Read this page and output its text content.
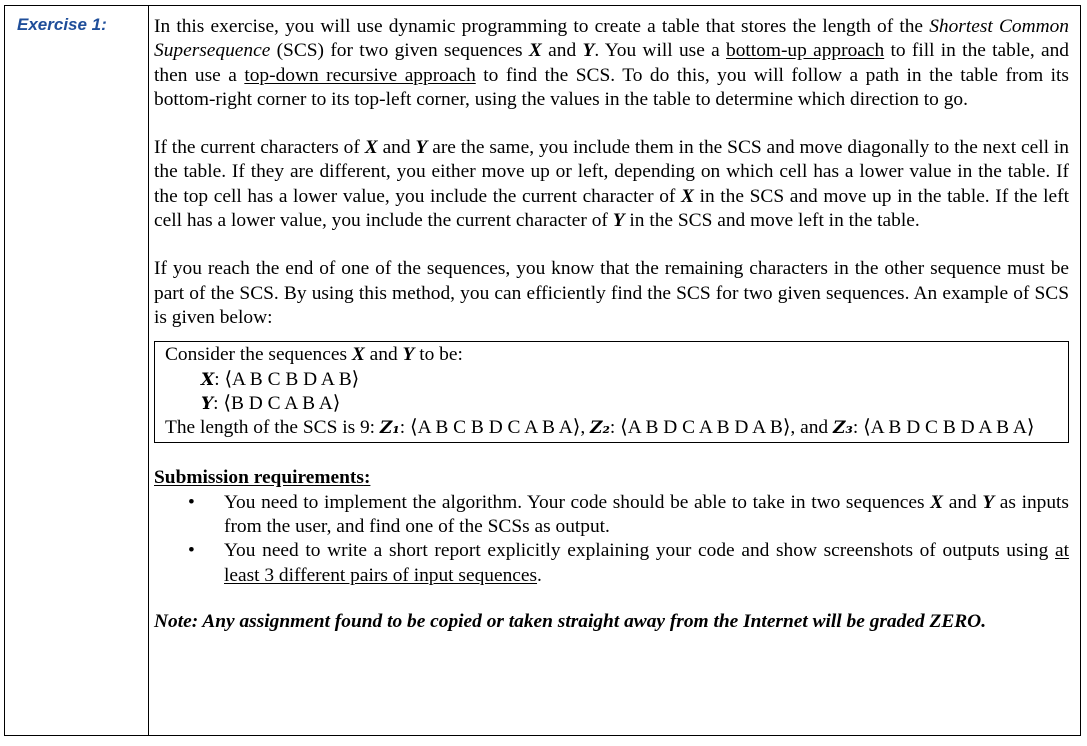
Exercise 1: In this exercise, you will use dynamic programming to create a table that stores the length of the Shortest Common Supersequence (SCS) for two given sequences X and Y. You will use a bottom-up approach to fill in the table, and then use a top-down recursive approach to find the SCS. To do this, you will follow a path in the table from its bottom-right corner to its top-left corner, using the values in the table to determine which direction to go.

If the current characters of X and Y are the same, you include them in the SCS and move diagonally to the next cell in the table. If they are different, you either move up or left, depending on which cell has a lower value in the table. If the top cell has a lower value, you include the current character of X in the SCS and move up in the table. If the left cell has a lower value, you include the current character of Y in the SCS and move left in the table.

If you reach the end of one of the sequences, you know that the remaining characters in the other sequence must be part of the SCS. By using this method, you can efficiently find the SCS for two given sequences. An example of SCS is given below:

Consider the sequences X and Y to be:
X: ⟨A B C B D A B⟩
Y: ⟨B D C A B A⟩
The length of the SCS is 9: Z₁: ⟨A B C B D C A B A⟩, Z₂: ⟨A B D C A B D A B⟩, and Z₃: ⟨A B D C B D A B A⟩
Submission requirements:
• You need to implement the algorithm. Your code should be able to take in two sequences X and Y as inputs from the user, and find one of the SCSs as output.
• You need to write a short report explicitly explaining your code and show screenshots of outputs using at least 3 different pairs of input sequences.
Note: Any assignment found to be copied or taken straight away from the Internet will be graded ZERO.
